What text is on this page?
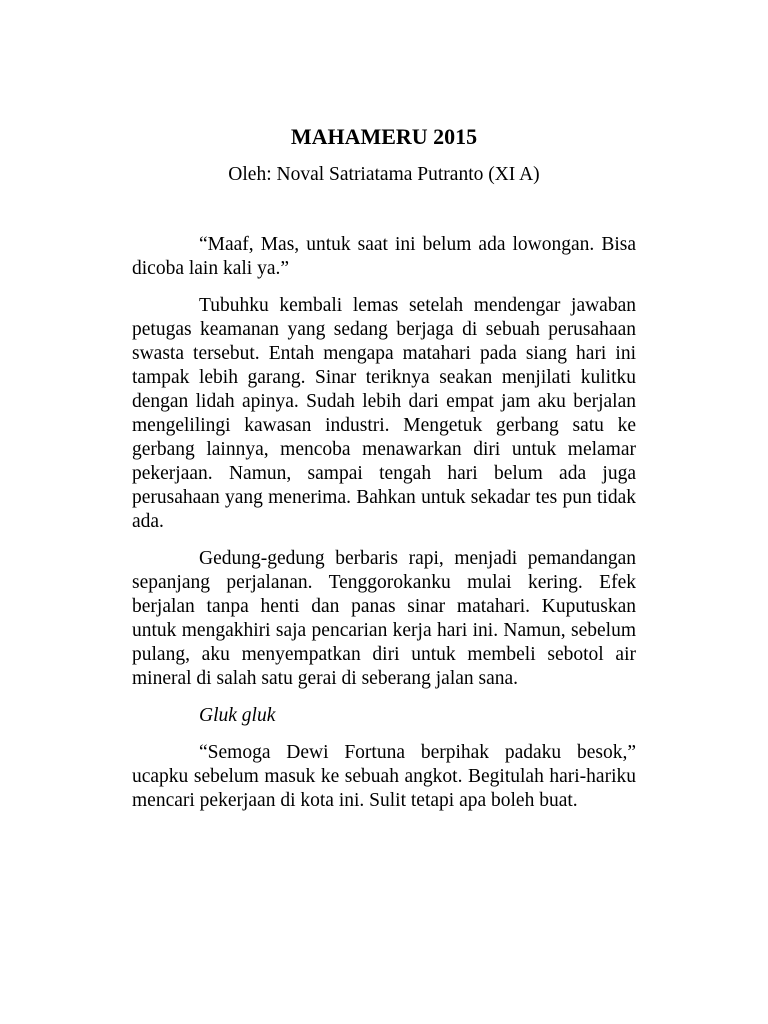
MAHAMERU 2015
Oleh: Noval Satriatama Putranto (XI A)

“Maaf, Mas, untuk saat ini belum ada lowongan. Bisa dicoba lain kali ya.”

Tubuhku kembali lemas setelah mendengar jawaban petugas keamanan yang sedang berjaga di sebuah perusahaan swasta tersebut. Entah mengapa matahari pada siang hari ini tampak lebih garang. Sinar teriknya seakan menjilati kulitku dengan lidah apinya. Sudah lebih dari empat jam aku berjalan mengelilingi kawasan industri. Mengetuk gerbang satu ke gerbang lainnya, mencoba menawarkan diri untuk melamar pekerjaan. Namun, sampai tengah hari belum ada juga perusahaan yang menerima. Bahkan untuk sekadar tes pun tidak ada.

Gedung-gedung berbaris rapi, menjadi pemandangan sepanjang perjalanan. Tenggorokanku mulai kering. Efek berjalan tanpa henti dan panas sinar matahari. Kuputuskan untuk mengakhiri saja pencarian kerja hari ini. Namun, sebelum pulang, aku menyempatkan diri untuk membeli sebotol air mineral di salah satu gerai di seberang jalan sana.

Gluk gluk

“Semoga Dewi Fortuna berpihak padaku besok,” ucapku sebelum masuk ke sebuah angkot. Begitulah hari-hariku mencari pekerjaan di kota ini. Sulit tetapi apa boleh buat.
